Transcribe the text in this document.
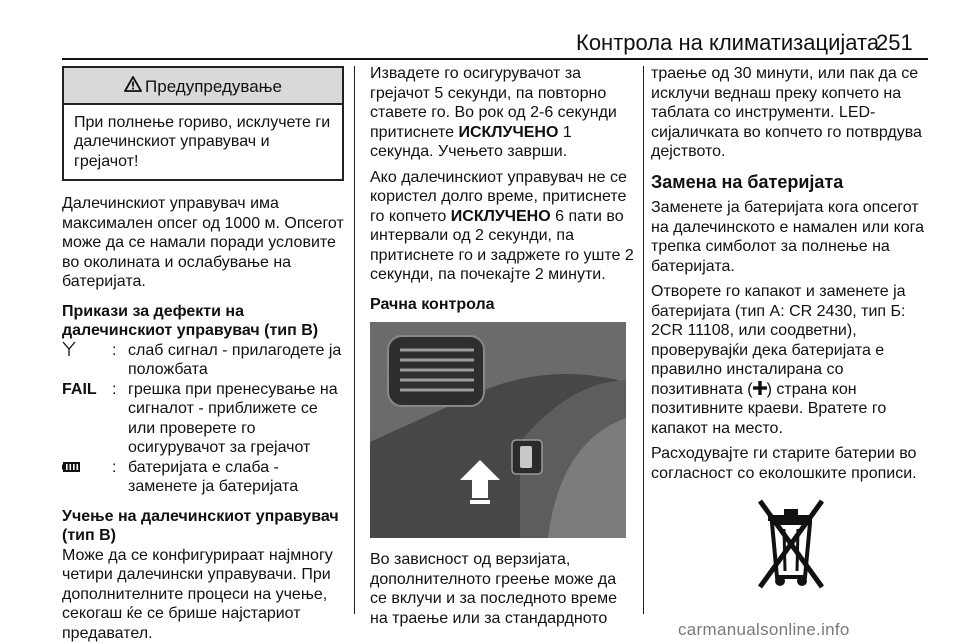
Контрола на климатизацијата
251
Предупредување
При полнење гориво, исклучете ги далечинскиот управувач и грејачот!

Далечинскиот управувач има максимален опсег од 1000 м. Опсегот може да се намали поради условите во околината и ослабување на батеријата.

Прикази за дефекти на далечинскиот управувач (тип B)

: слаб сигнал - прилагодете ја положбата
FAIL : грешка при пренесување на сигналот - приближете се или проверете го осигурувачот за грејачот
: батеријата е слаба - заменете ја батеријата

Учење на далечинскиот управувач (тип B)

Може да се конфигурираат најмногу четири далечински управувачи. При дополнителните процеси на учење, секогаш ќе се брише најстариот предавател.

Извадете го осигурувачот за грејачот 5 секунди, па повторно ставете го. Во рок од 2-6 секунди притиснете ИСКЛУЧЕНО 1 секунда. Учењето заврши.

Ако далечинскиот управувач не се користел долго време, притиснете го копчето ИСКЛУЧЕНО 6 пати во интервали од 2 секунди, па притиснете го и задржете го уште 2 секунди, па почекајте 2 минути.

Рачна контрола

Во зависност од верзијата, дополнителното греење може да се вклучи и за последното време на траење или за стандардното

траење од 30 минути, или пак да се исклучи веднаш преку копчето на таблата со инструменти. LED-сијаличката во копчето го потврдува дејството.

Замена на батеријата

Заменете ја батеријата кога опсегот на далечинското е намален или кога трепка симболот за полнење на батеријата.

Отворете го капакот и заменете ја батеријата (тип A: CR 2430, тип Б: 2CR 11108, или соодветни), проверувајќи дека батеријата е правилно инсталирана со позитивната ( ) страна кон позитивните краеви. Вратете го капакот на место.

Расходувајте ги старите батерии во согласност со еколошките прописи.

carmanualsonline.info
